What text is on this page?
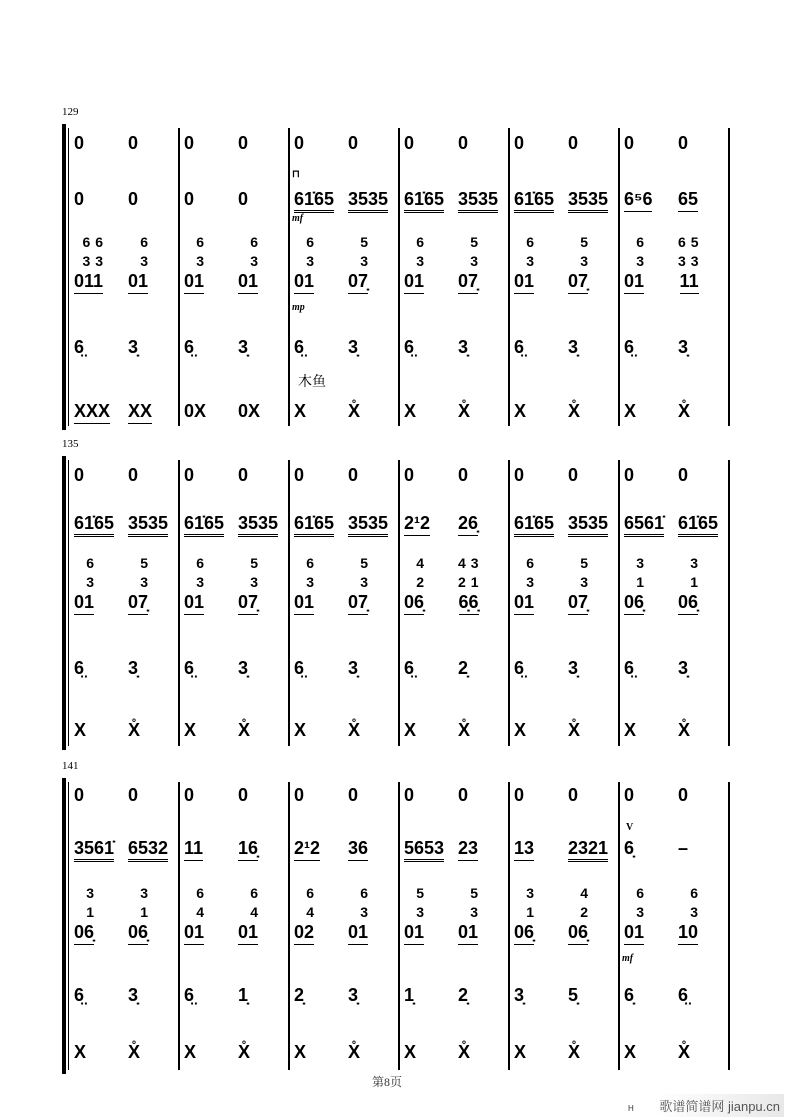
129
0
0
66
33
011
6̤
XXX
0
0
6
3
01
3̣
XX
0
0
6
3
01
6̤
0X
0
0
6
3
01
3̣
0X
0
61̇65
6
3
01
6̤
X
0
3535
5
3
07̣
3̣
X̊
⊓
mf
mp
木鱼
0
61̇65
6
3
01
6̤
X
0
3535
5
3
07̣
3̣
X̊
0
61̇65
6
3
01
6̤
X
0
3535
5
3
07̣
3̣
X̊
0
6⁵6
6
3
01
6̤
X
0
65
65
33
11
3̣
X̊
135
0
61̇65
6
3
01
6̤
X
0
3535
5
3
07̣
3̣
X̊
0
61̇65
6
3
01
6̤
X
0
3535
5
3
07̣
3̣
X̊
0
61̇65
6
3
01
6̤
X
0
3535
5
3
07̣
3̣
X̊
0
2¹2
4
2
06̣
6̤
X
0
26̣
43
21
6̣6̣
2̣
X̊
0
61̇65
6
3
01
6̤
X
0
3535
5
3
07̣
3̣
X̊
0
6561̇
3
1
06̣
6̤
X
0
61̇65
3
1
06̣
3̣
X̊
141
0
3561̇
3
1
06̣
6̤
X
0
6532
3
1
06̣
3̣
X̊
0
11
6
4
01
6̤
X
0
16̣
6
4
01
1̣
X̊
0
2¹2
6
4
02
2̣
X
0
36
6
3
01
3̣
X̊
0
5653
5
3
01
1̣
X
0
23
5
3
01
2̣
X̊
0
13
3
1
06̣
3̣
X
0
2321
4
2
06̣
5̣
X̊
0
6̣
6
3
01
6̣
X
0
–
6
3
10
6̤
X̊
V
mf
第8页
H	歌谱简谱网 jianpu.cn
